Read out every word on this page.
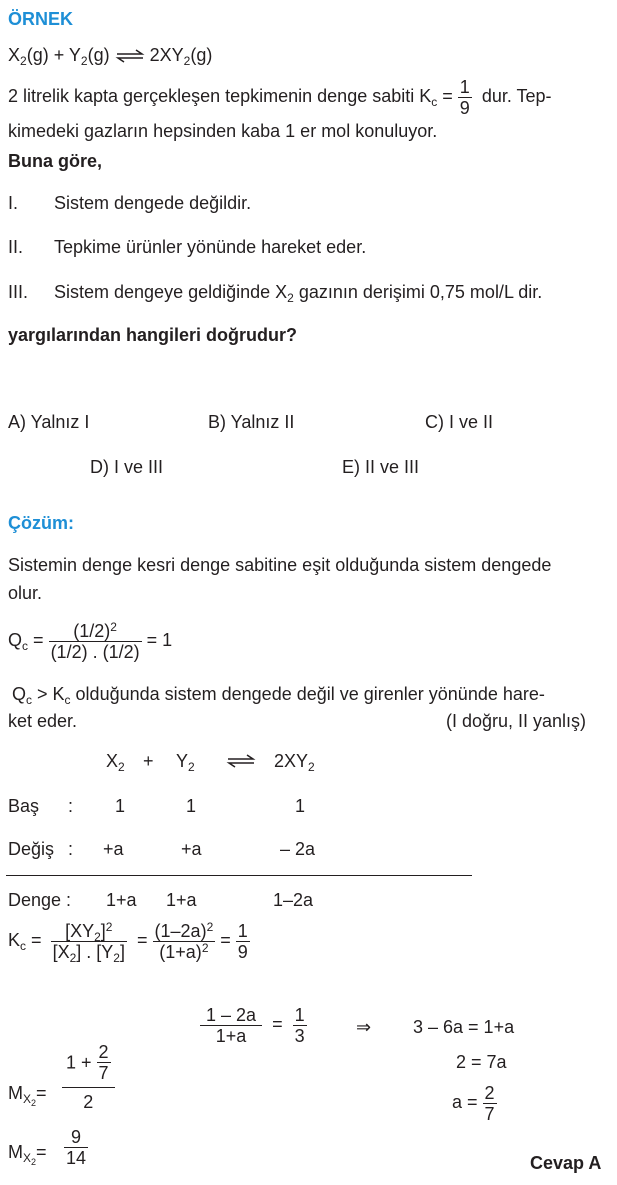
ÖRNEK
$X_2(g) + Y_2(g)$ ⇌ $2XY_2(g)$
2 litrelik kapta gerçekleşen tepkimenin denge sabiti $K_c = \frac{1}{9}$ dur. Tep-
kimedeki gazların hepsinden kaba 1 er mol konuluyor.
Buna göre,
I. Sistem dengede değildir.
II. Tepkime ürünler yönünde hareket eder.
III. Sistem dengeye geldiğinde $X_2$ gazının derişimi 0,75 mol/L dir.
yargılarından hangileri doğrudur?
A) Yalnız I	B) Yalnız II	C) I ve II
D) I ve III	E) II ve III
Çözüm:
Sistemin denge kesri denge sabitine eşit olduğunda sistem dengede
olur.
$Q_c = \frac{(1/2)^2}{(1/2) . (1/2)} = 1$
$Q_c > K_c$ olduğunda sistem dengede değil ve girenler yönünde hare-
ket eder.	(I doğru, II yanlış)
$X_2 + Y_2$ ⇌ $2XY_2$
Baş : 1	1	1
Değiş : +a	+a	– 2a
Denge : 1+a 1+a	1–2a
$K_c = \frac{[XY_2]^2}{[X_2] . [Y_2]} = \frac{(1-2a)^2}{(1+a)^2} = \frac{1}{9}$
$\frac{1 - 2a}{1+a} = \frac{1}{3}$	⇒ 3 – 6a = 1+a
2 = 7a
$a = \frac{2}{7}$
$M_{X_2}= \frac{1 + \frac{2}{7}}{2}$
$M_{X_2}= \frac{9}{14}$	Cevap A
